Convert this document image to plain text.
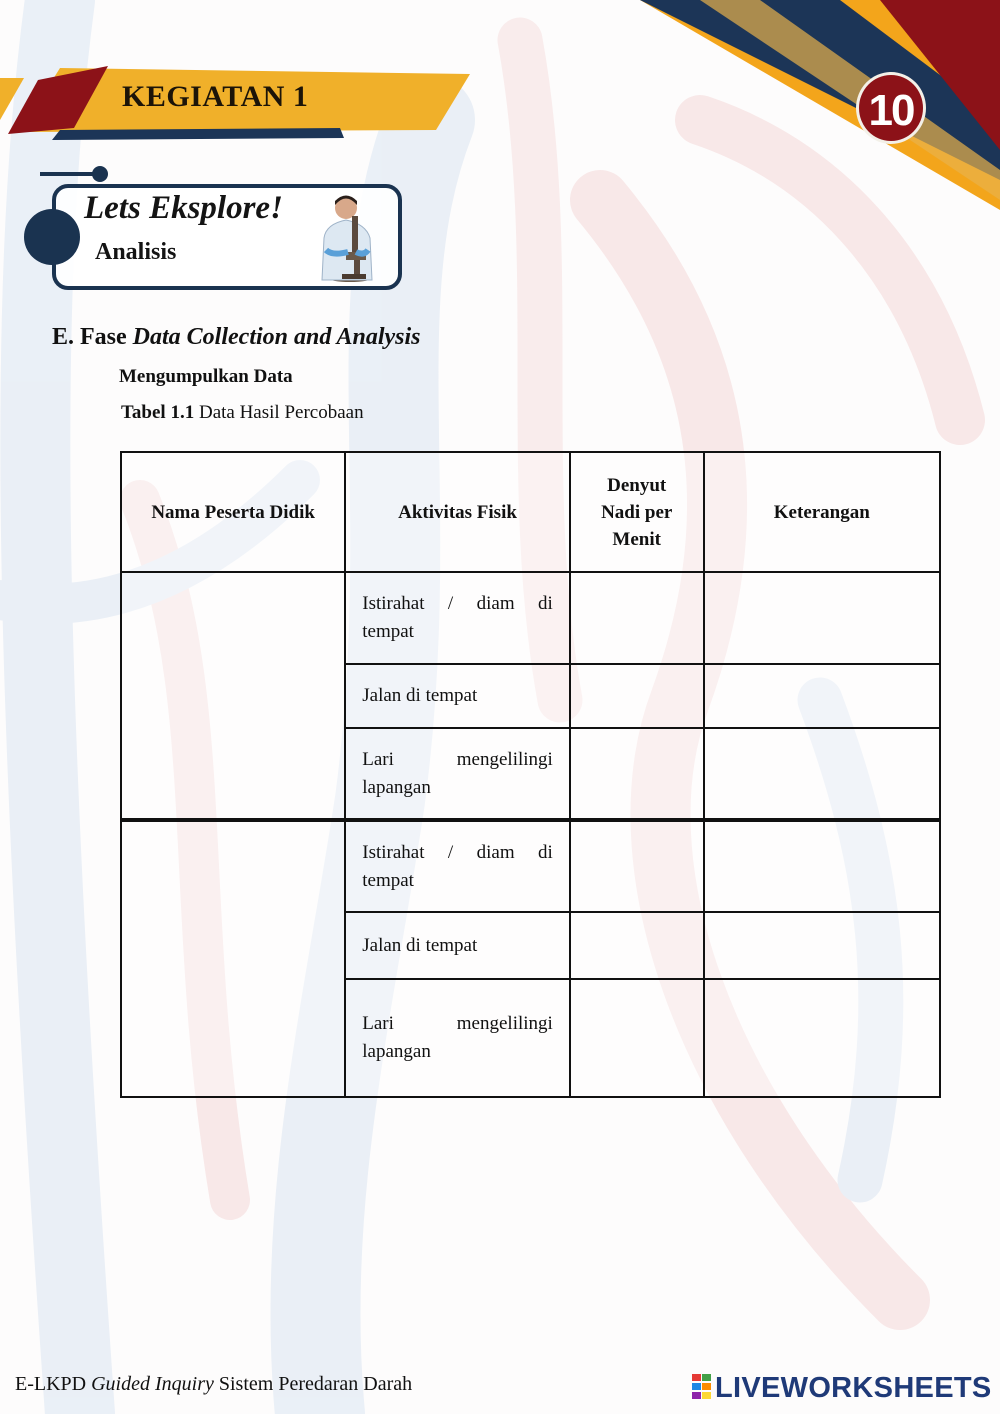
KEGIATAN 1	10
Lets Eksplore!
Analisis
E. Fase Data Collection and Analysis
Mengumpulkan Data
Tabel 1.1 Data Hasil Percobaan
Nama Peserta Didik	Aktivitas Fisik	Denyut Nadi per Menit	Keterangan
	Istirahat / diam di tempat		
	Jalan di tempat		
	Lari mengelilingi lapangan		
	Istirahat / diam di tempat		
	Jalan di tempat		
	Lari mengelilingi lapangan		
E-LKPD Guided Inquiry Sistem Peredaran Darah	LIVEWORKSHEETS
